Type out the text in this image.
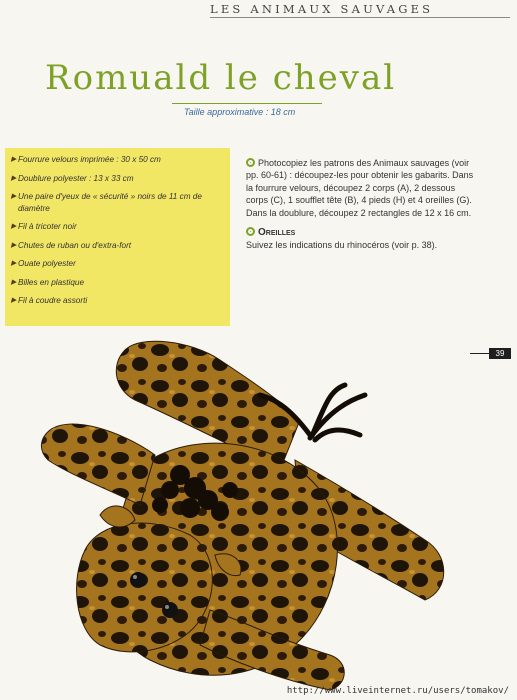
LES ANIMAUX SAUVAGES
Romuald le cheval
Taille approximative : 18 cm
▶ Fourrure velours imprimée : 30 x 50 cm
▶ Doublure polyester : 13 x 33 cm
▶ Une paire d'yeux de « sécurité » noirs de 11 cm de diamètre
▶ Fil à tricoter noir
▶ Chutes de ruban ou d'extra-fort
▶ Ouate polyester
▶ Billes en plastique
▶ Fil à coudre assorti
Photocopiez les patrons des Animaux sauvages (voir pp. 60-61) : découpez-les pour obtenir les gabarits. Dans la fourrure velours, découpez 2 corps (A), 2 dessous corps (C), 1 soufflet tête (B), 4 pieds (H) et 4 oreilles (G). Dans la doublure, découpez 2 rectangles de 12 x 16 cm.
Oreilles
Suivez les indications du rhinocéros (voir p. 38).
39
http://www.liveinternet.ru/users/tomakov/
